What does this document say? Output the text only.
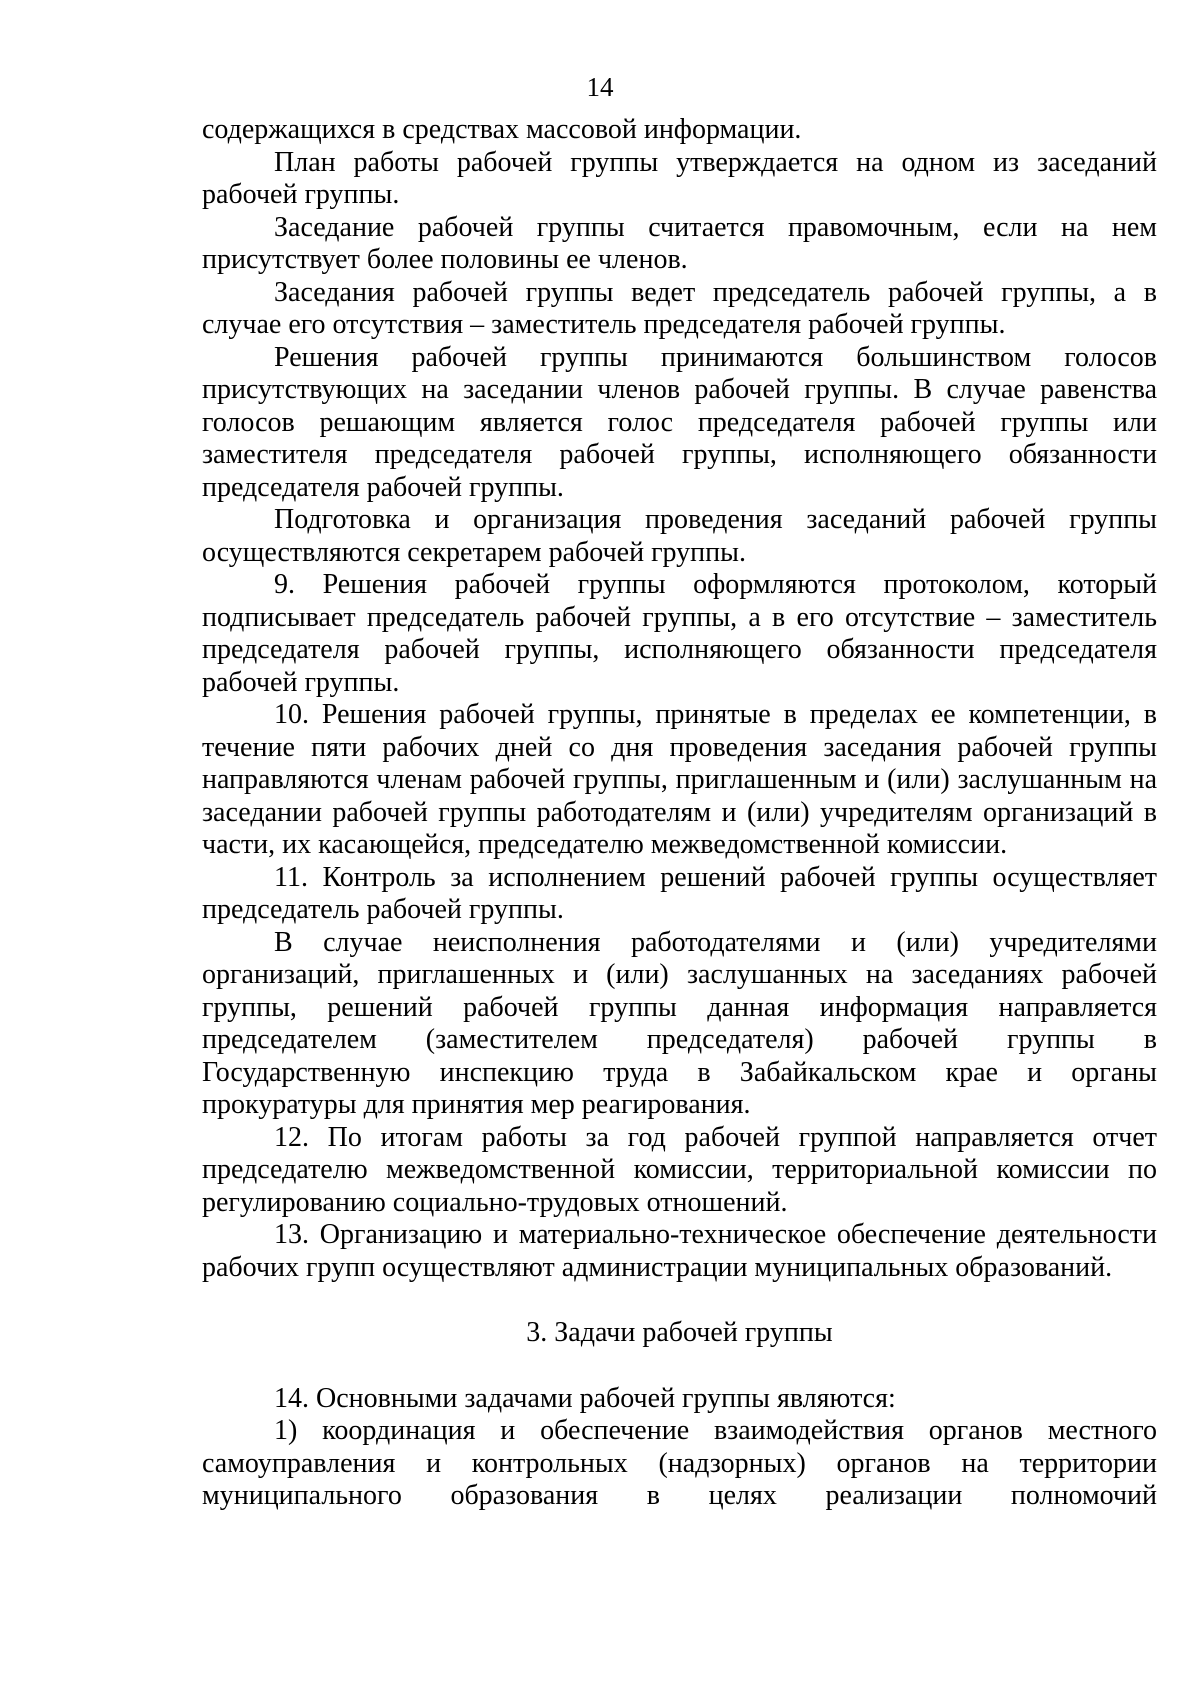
14

содержащихся в средствах массовой информации.

План работы рабочей группы утверждается на одном из заседаний рабочей группы.

Заседание рабочей группы считается правомочным, если на нем присутствует более половины ее членов.

Заседания рабочей группы ведет председатель рабочей группы, а в случае его отсутствия – заместитель председателя рабочей группы.

Решения рабочей группы принимаются большинством голосов присутствующих на заседании членов рабочей группы. В случае равенства голосов решающим является голос председателя рабочей группы или заместителя председателя рабочей группы, исполняющего обязанности председателя рабочей группы.

Подготовка и организация проведения заседаний рабочей группы осуществляются секретарем рабочей группы.

9. Решения рабочей группы оформляются протоколом, который подписывает председатель рабочей группы, а в его отсутствие – заместитель председателя рабочей группы, исполняющего обязанности председателя рабочей группы.

10. Решения рабочей группы, принятые в пределах ее компетенции, в течение пяти рабочих дней со дня проведения заседания рабочей группы направляются членам рабочей группы, приглашенным и (или) заслушанным на заседании рабочей группы работодателям и (или) учредителям организаций в части, их касающейся, председателю межведомственной комиссии.

11. Контроль за исполнением решений рабочей группы осуществляет председатель рабочей группы.

В случае неисполнения работодателями и (или) учредителями организаций, приглашенных и (или) заслушанных на заседаниях рабочей группы, решений рабочей группы данная информация направляется председателем (заместителем председателя) рабочей группы в Государственную инспекцию труда в Забайкальском крае и органы прокуратуры для принятия мер реагирования.

12. По итогам работы за год рабочей группой направляется отчет председателю межведомственной комиссии, территориальной комиссии по регулированию социально-трудовых отношений.

13. Организацию и материально-техническое обеспечение деятельности рабочих групп осуществляют администрации муниципальных образований.

3. Задачи рабочей группы

14. Основными задачами рабочей группы являются:

1) координация и обеспечение взаимодействия органов местного самоуправления и контрольных (надзорных) органов на территории муниципального образования в целях реализации полномочий
